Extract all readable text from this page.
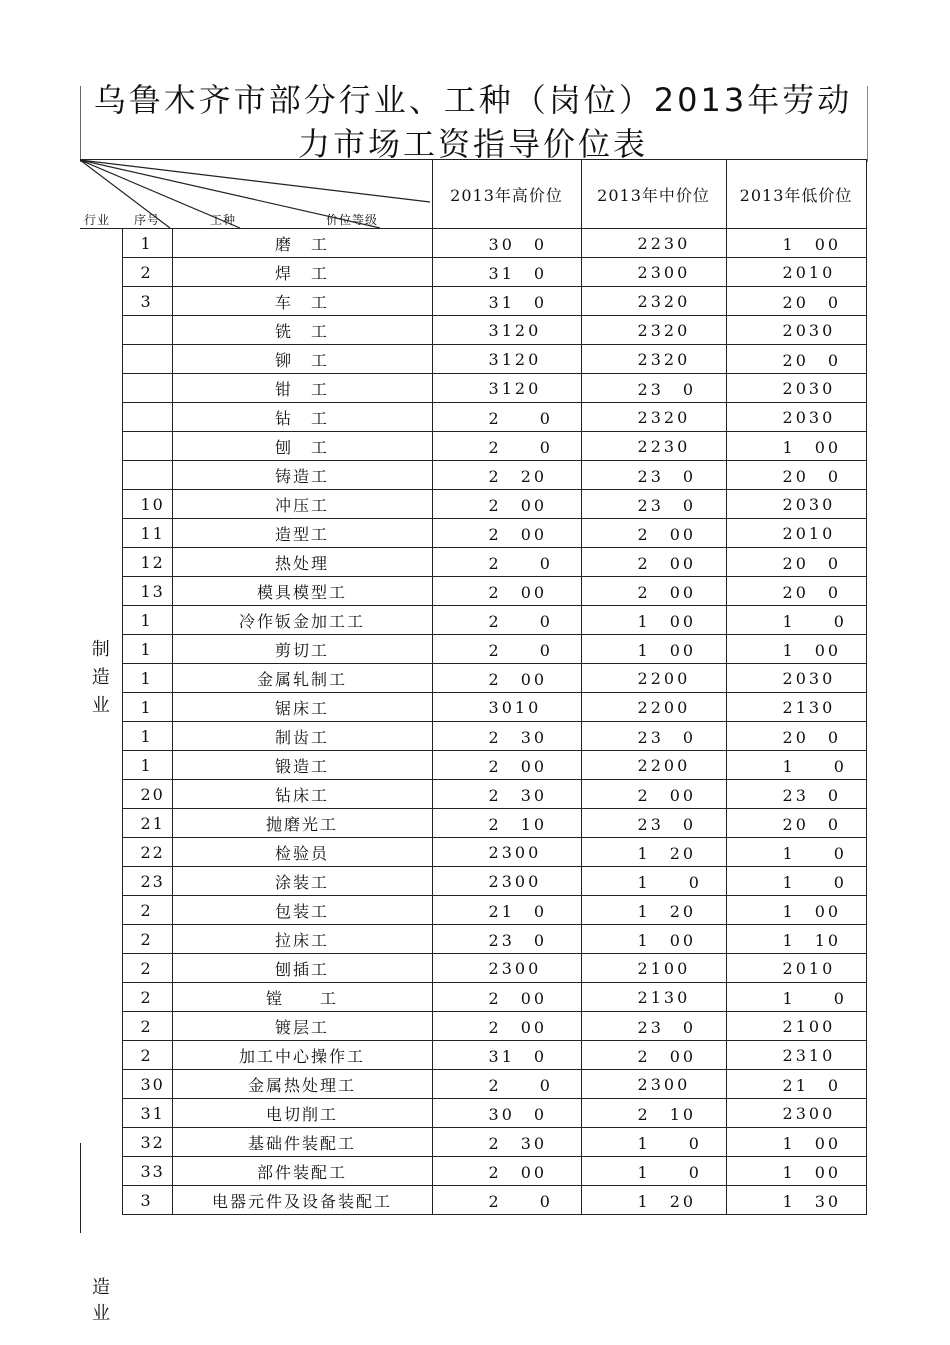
乌鲁木齐市部分行业、工种（岗位）2013年劳动力市场工资指导价位表
行业 序号 工种 价位等级			2013年高价位	2013年中价位	2013年低价位

制
造
业	1	磨　工	30　0	2230	1　00
	2	焊　工	31　0	2300	2010
	3	车　工	31　0	2320	20　0
		铣　工	3120	2320	2030
		铆　工	3120	2320	20　0
		钳　工	3120	23　0	2030
		钻　工	2　　0	2320	2030
		刨　工	2　　0	2230	1　00
		铸造工	2　20	23　0	20　0
	10	冲压工	2　00	23　0	2030
	11	造型工	2　00	2　00	2010
	12	热处理	2　　0	2　00	20　0
	13	模具模型工	2　00	2　00	20　0
	1	冷作钣金加工工	2　　0	1　00	1　　0
	1	剪切工	2　　0	1　00	1　00
	1	金属轧制工	2　00	2200	2030
	1	锯床工	3010	2200	2130
	1	制齿工	2　30	23　0	20　0
	1	锻造工	2　00	2200	1　　0
	20	钻床工	2　30	2　00	23　0
	21	抛磨光工	2　10	23　0	20　0
	22	检验员	2300	1　20	1　　0
	23	涂装工	2300	1　　0	1　　0
	2	包装工	21　0	1　20	1　00
	2	拉床工	23　0	1　00	1　10
	2	刨插工	2300	2100	2010
	2	镗　　工	2　00	2130	1　　0
	2	镀层工	2　00	23　0	2100
	2	加工中心操作工	31　0	2　00	2310
	30	金属热处理工	2　　0	2300	21　0
	31	电切削工	30　0	2　10	2300
	32	基础件装配工	2　30	1　　0	1　00
	33	部件装配工	2　00	1　　0	1　00
	3	电器元件及设备装配工	2　　0	1　20	1　30
造
业
